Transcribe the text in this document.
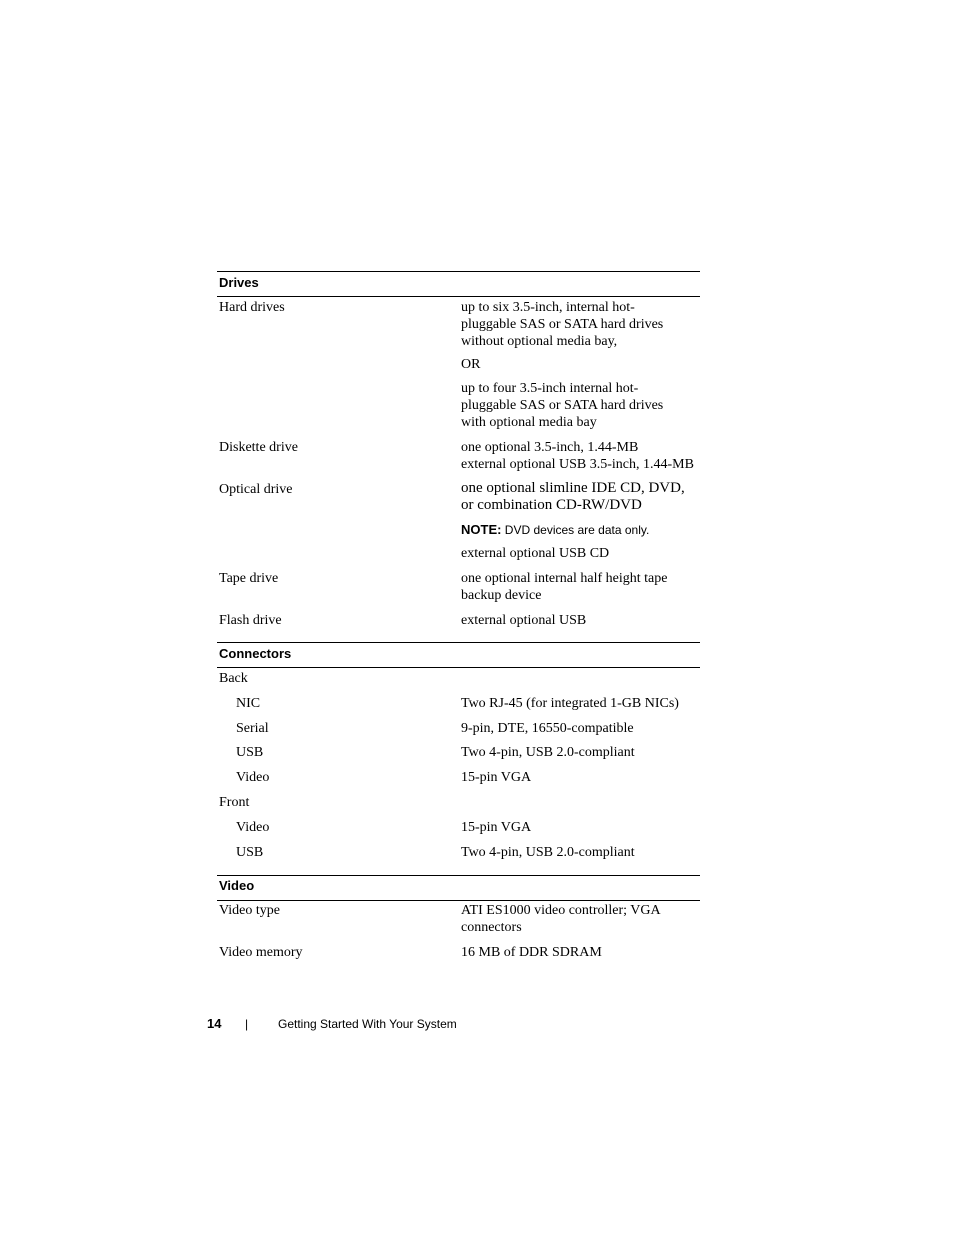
Drives
Hard drives	up to six 3.5-inch, internal hot-pluggable SAS or SATA hard drives without optional media bay,
OR
up to four 3.5-inch internal hot-pluggable SAS or SATA hard drives with optional media bay
Diskette drive	one optional 3.5-inch, 1.44-MB
external optional USB 3.5-inch, 1.44-MB
Optical drive	one optional slimline IDE CD, DVD, or combination CD-RW/DVD
NOTE: DVD devices are data only.
external optional USB CD
Tape drive	one optional internal half height tape backup device
Flash drive	external optional USB
Connectors
Back
NIC	Two RJ-45 (for integrated 1-GB NICs)
Serial	9-pin, DTE, 16550-compatible
USB	Two 4-pin, USB 2.0-compliant
Video	15-pin VGA
Front
Video	15-pin VGA
USB	Two 4-pin, USB 2.0-compliant
Video
Video type	ATI ES1000 video controller; VGA connectors
Video memory	16 MB of DDR SDRAM
14 | Getting Started With Your System
